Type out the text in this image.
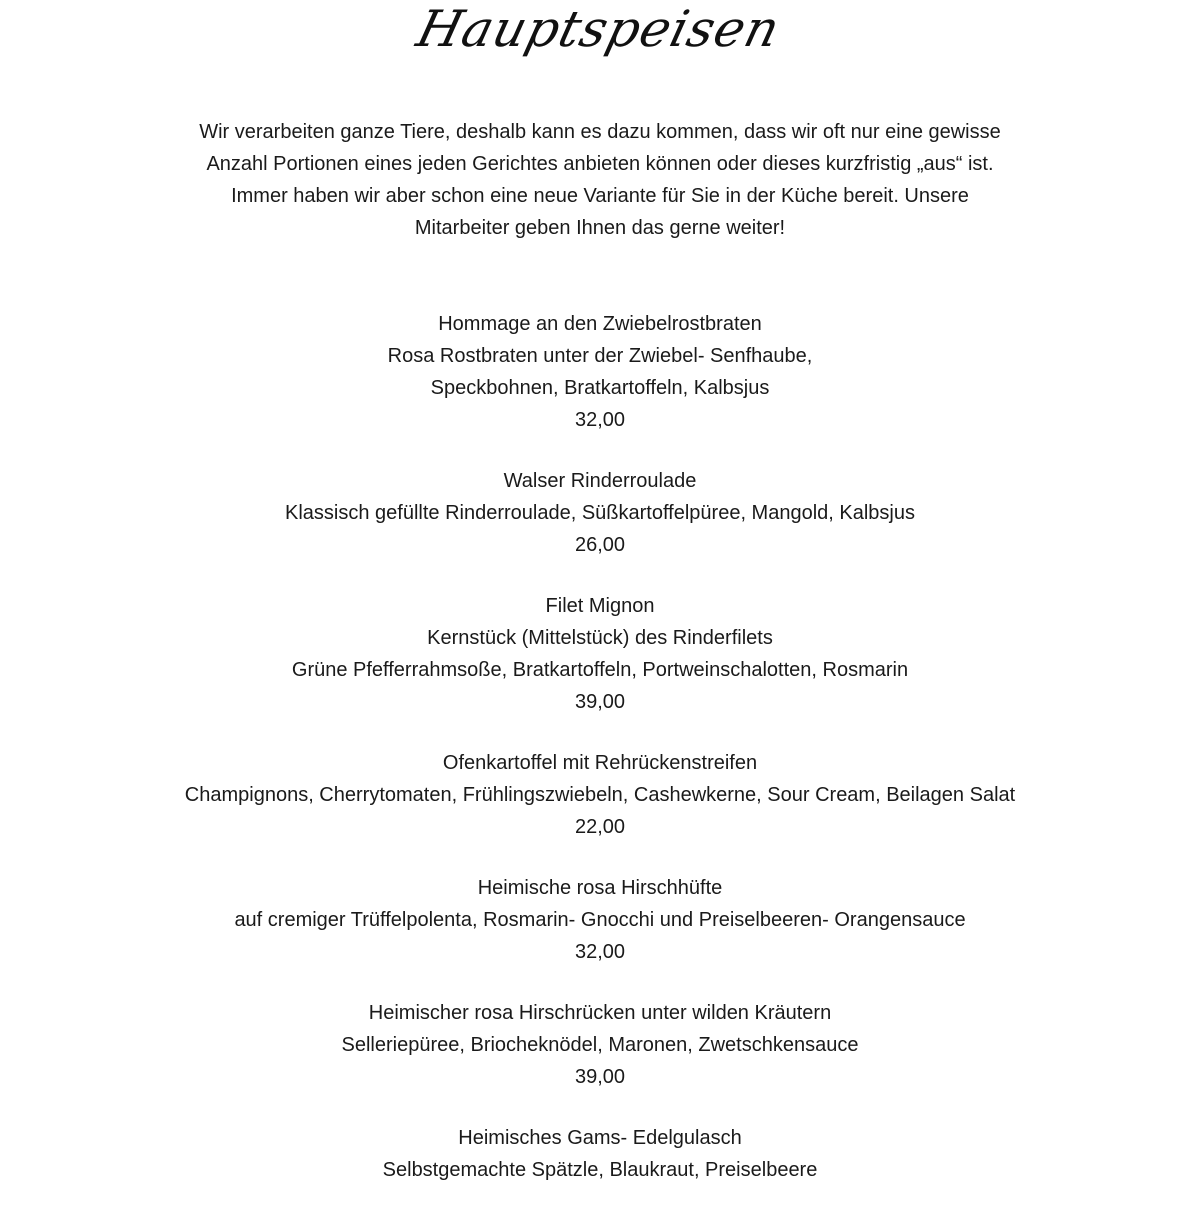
Hauptspeisen

Wir verarbeiten ganze Tiere, deshalb kann es dazu kommen, dass wir oft nur eine gewisse

Anzahl Portionen eines jeden Gerichtes anbieten können oder dieses kurzfristig „aus“ ist.

Immer haben wir aber schon eine neue Variante für Sie in der Küche bereit. Unsere

Mitarbeiter geben Ihnen das gerne weiter!

Hommage an den Zwiebelrostbraten
Rosa Rostbraten unter der Zwiebel- Senfhaube,
Speckbohnen, Bratkartoffeln, Kalbsjus
32,00
Walser Rinderroulade
Klassisch gefüllte Rinderroulade, Süßkartoffelpüree, Mangold, Kalbsjus
26,00
Filet Mignon
Kernstück (Mittelstück) des Rinderfilets
Grüne Pfefferrahmsoße, Bratkartoffeln, Portweinschalotten, Rosmarin
39,00
Ofenkartoffel mit Rehrückenstreifen
Champignons, Cherrytomaten, Frühlingszwiebeln, Cashewkerne, Sour Cream, Beilagen Salat
22,00
Heimische rosa Hirschhüfte
auf cremiger Trüffelpolenta, Rosmarin- Gnocchi und Preiselbeeren- Orangensauce
32,00
Heimischer rosa Hirschrücken unter wilden Kräutern
Selleriepüree, Briocheknödel, Maronen, Zwetschkensauce
39,00
Heimisches Gams- Edelgulasch
Selbstgemachte Spätzle, Blaukraut, Preiselbeere
